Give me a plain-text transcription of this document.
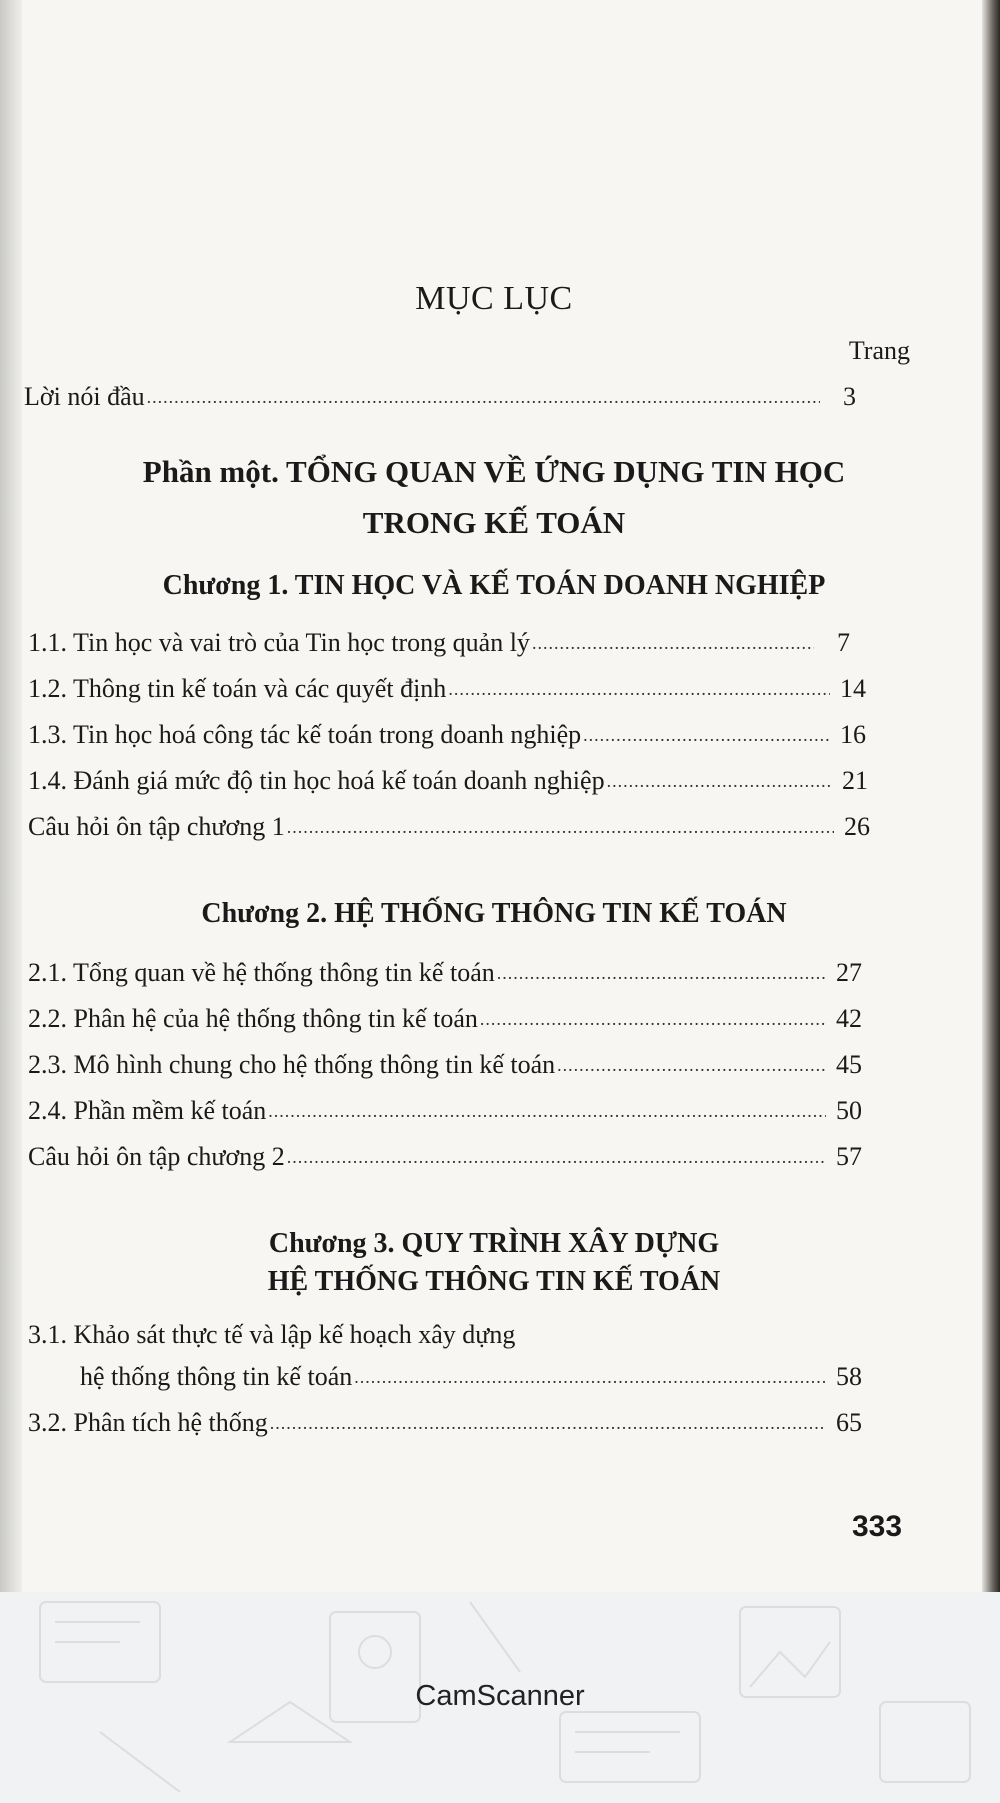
MỤC LỤC
Trang
Lời nói đầu .....	3
Phần một. TỔNG QUAN VỀ ỨNG DỤNG TIN HỌC
TRONG KẾ TOÁN
Chương 1. TIN HỌC VÀ KẾ TOÁN DOANH NGHIỆP
1.1. Tin học và vai trò của Tin học trong quản lý .....	7
1.2. Thông tin kế toán và các quyết định .....	14
1.3. Tin học hoá công tác kế toán trong doanh nghiệp .....	16
1.4. Đánh giá mức độ tin học hoá kế toán doanh nghiệp .....	21
Câu hỏi ôn tập chương 1 .....	26
Chương 2. HỆ THỐNG THÔNG TIN KẾ TOÁN
2.1. Tổng quan về hệ thống thông tin kế toán .....	27
2.2. Phân hệ của hệ thống thông tin kế toán .....	42
2.3. Mô hình chung cho hệ thống thông tin kế toán .....	45
2.4. Phần mềm kế toán .....	50
Câu hỏi ôn tập chương 2 .....	57
Chương 3. QUY TRÌNH XÂY DỰNG
HỆ THỐNG THÔNG TIN KẾ TOÁN
3.1. Khảo sát thực tế và lập kế hoạch xây dựng
hệ thống thông tin kế toán .....	58
3.2. Phân tích hệ thống .....	65
333
CamScanner
